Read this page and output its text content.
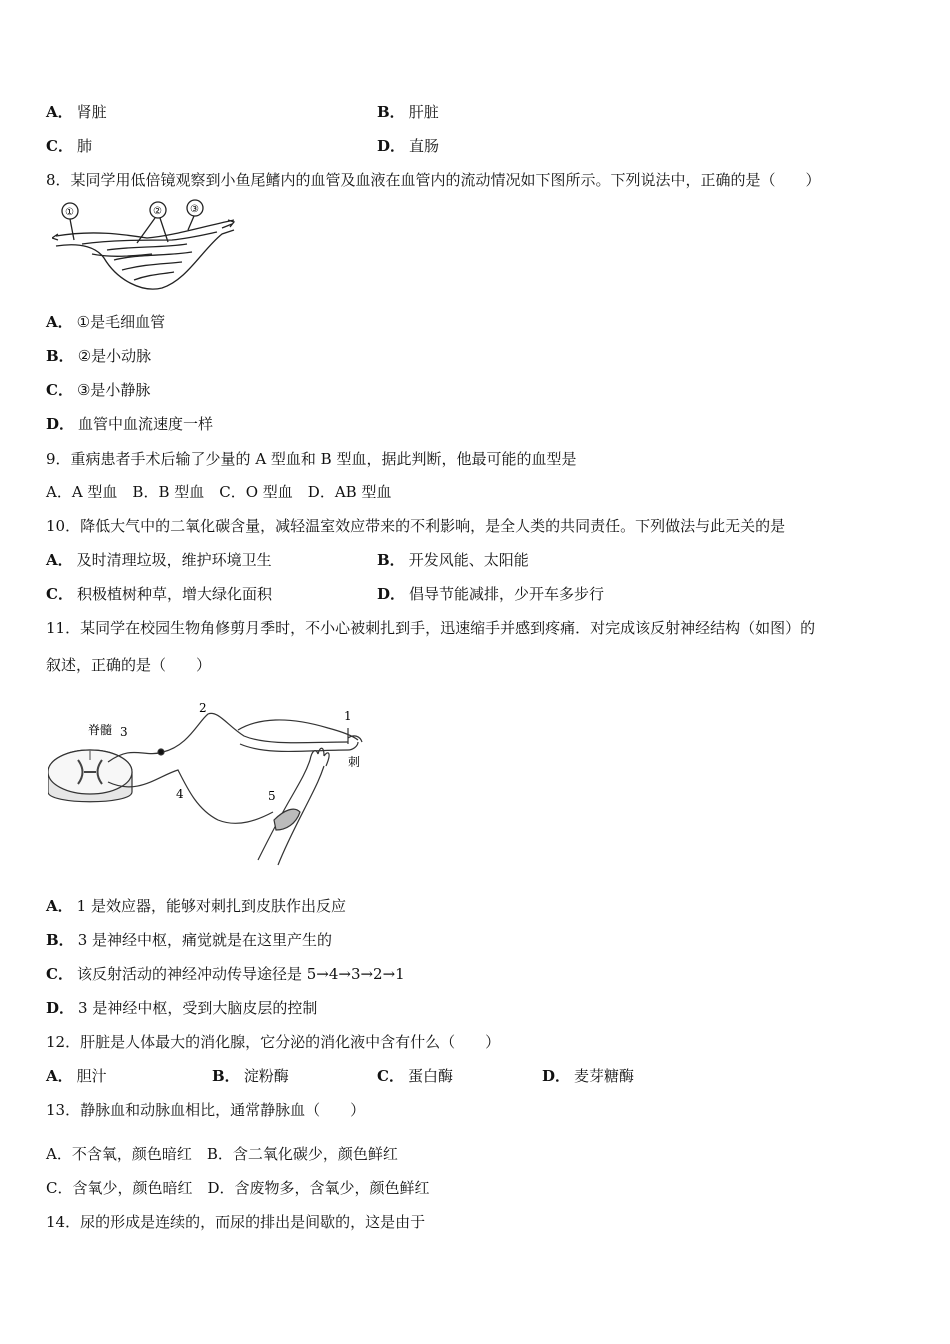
A． 肾脏	B． 肝脏
C． 肺	D． 直肠
8．某同学用低倍镜观察到小鱼尾鳍内的血管及血液在血管内的流动情况如下图所示。下列说法中，正确的是（　　）
①	②	③
A． ①是毛细血管
B． ②是小动脉
C． ③是小静脉
D． 血管中血流速度一样
9．重病患者手术后输了少量的 A 型血和 B 型血，据此判断，他最可能的血型是
A．A 型血　B．B 型血　C．O 型血　D．AB 型血
10．降低大气中的二氧化碳含量，减轻温室效应带来的不利影响，是全人类的共同责任。下列做法与此无关的是
A． 及时清理垃圾，维护环境卫生	B． 开发风能、太阳能
C． 积极植树种草，增大绿化面积	D． 倡导节能减排，少开车多步行
11．某同学在校园生物角修剪月季时，不小心被刺扎到手，迅速缩手并感到疼痛．对完成该反射神经结构（如图）的
叙述，正确的是（　　）
脊髓 3
2
1
刺
4	5
A． 1 是效应器，能够对刺扎到皮肤作出反应
B． 3 是神经中枢，痛觉就是在这里产生的
C． 该反射活动的神经冲动传导途径是 5→4→3→2→1
D． 3 是神经中枢，受到大脑皮层的控制
12．肝脏是人体最大的消化腺，它分泌的消化液中含有什么（　　）
A． 胆汁	B． 淀粉酶	C． 蛋白酶	D． 麦芽糖酶
13．静脉血和动脉血相比，通常静脉血（　　）
A．不含氧，颜色暗红　B．含二氧化碳少，颜色鲜红
C．含氧少，颜色暗红　D．含废物多，含氧少，颜色鲜红
14．尿的形成是连续的，而尿的排出是间歇的，这是由于
